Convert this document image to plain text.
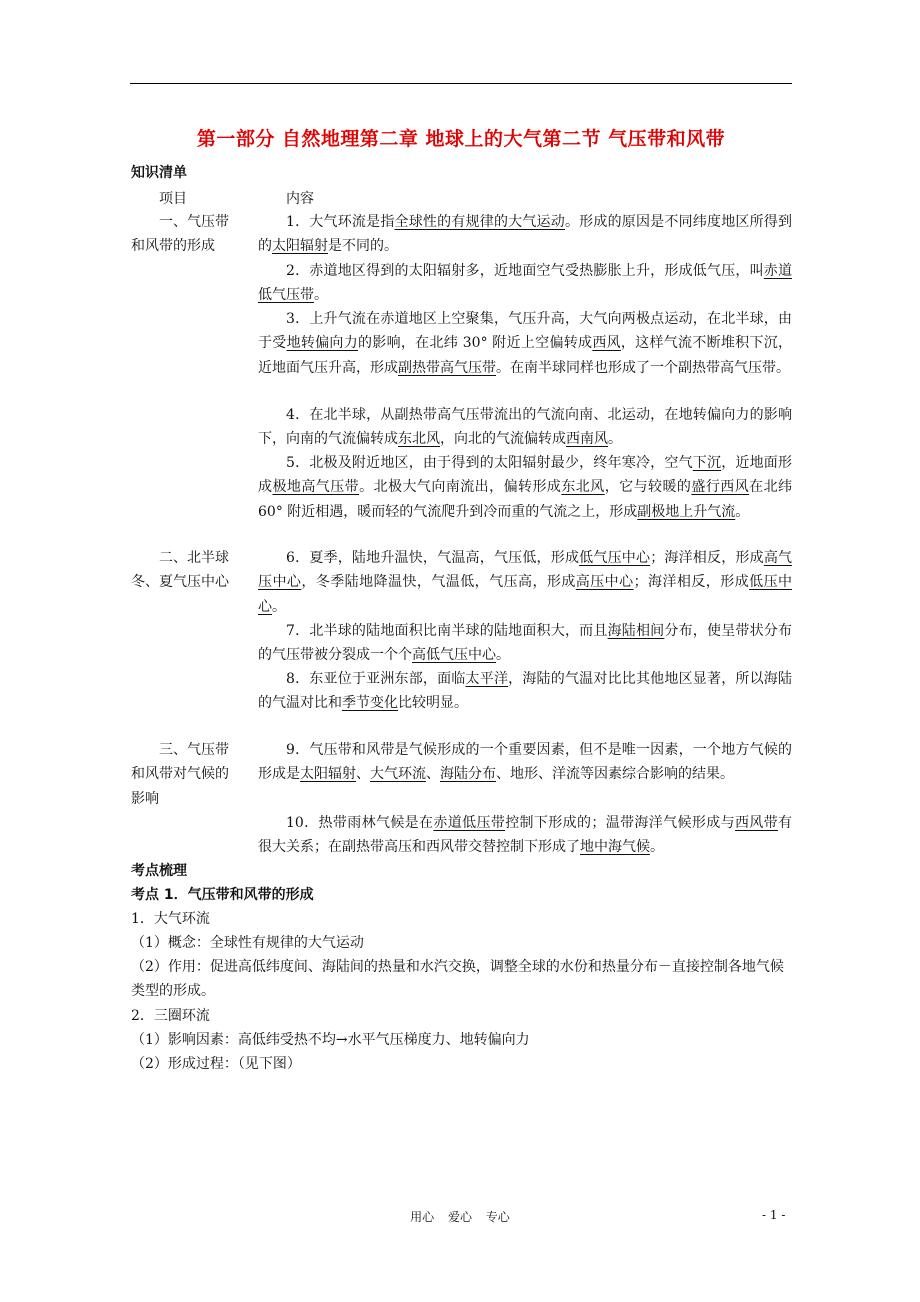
第一部分 自然地理第二章 地球上的大气第二节 气压带和风带
知识清单
项目	内容
一、气压带和风带的形成
二、北半球冬、夏气压中心
三、气压带和风带对气候的影响
1．大气环流是指全球性的有规律的大气运动。形成的原因是不同纬度地区所得到的太阳辐射是不同的。
2．赤道地区得到的太阳辐射多，近地面空气受热膨胀上升，形成低气压，叫赤道低气压带。
3．上升气流在赤道地区上空聚集，气压升高，大气向两极点运动，在北半球，由于受地转偏向力的影响，在北纬 30° 附近上空偏转成西风，这样气流不断堆积下沉，近地面气压升高，形成副热带高气压带。在南半球同样也形成了一个副热带高气压带。
4．在北半球，从副热带高气压带流出的气流向南、北运动，在地转偏向力的影响下，向南的气流偏转成东北风，向北的气流偏转成西南风。
5．北极及附近地区，由于得到的太阳辐射最少，终年寒冷，空气下沉，近地面形成极地高气压带。北极大气向南流出，偏转形成东北风，它与较暖的盛行西风在北纬 60° 附近相遇，暖而轻的气流爬升到冷而重的气流之上，形成副极地上升气流。
6．夏季，陆地升温快，气温高，气压低，形成低气压中心；海洋相反，形成高气压中心，冬季陆地降温快，气温低，气压高，形成高压中心；海洋相反，形成低压中心。
7．北半球的陆地面积比南半球的陆地面积大，而且海陆相间分布，使呈带状分布的气压带被分裂成一个个高低气压中心。
8．东亚位于亚洲东部，面临太平洋，海陆的气温对比比其他地区显著，所以海陆的气温对比和季节变化比较明显。
9．气压带和风带是气候形成的一个重要因素，但不是唯一因素，一个地方气候的形成是太阳辐射、大气环流、海陆分布、地形、洋流等因素综合影响的结果。
10．热带雨林气候是在赤道低压带控制下形成的；温带海洋气候形成与西风带有很大关系；在副热带高压和西风带交替控制下形成了地中海气候。
考点梳理
考点 1．气压带和风带的形成
1．大气环流
（1）概念：全球性有规律的大气运动
（2）作用：促进高低纬度间、海陆间的热量和水汽交换，调整全球的水份和热量分布－直接控制各地气候类型的形成。
2．三圈环流
（1）影响因素：高低纬受热不均→水平气压梯度力、地转偏向力
（2）形成过程：（见下图）
用心 爱心 专心	- 1 -
